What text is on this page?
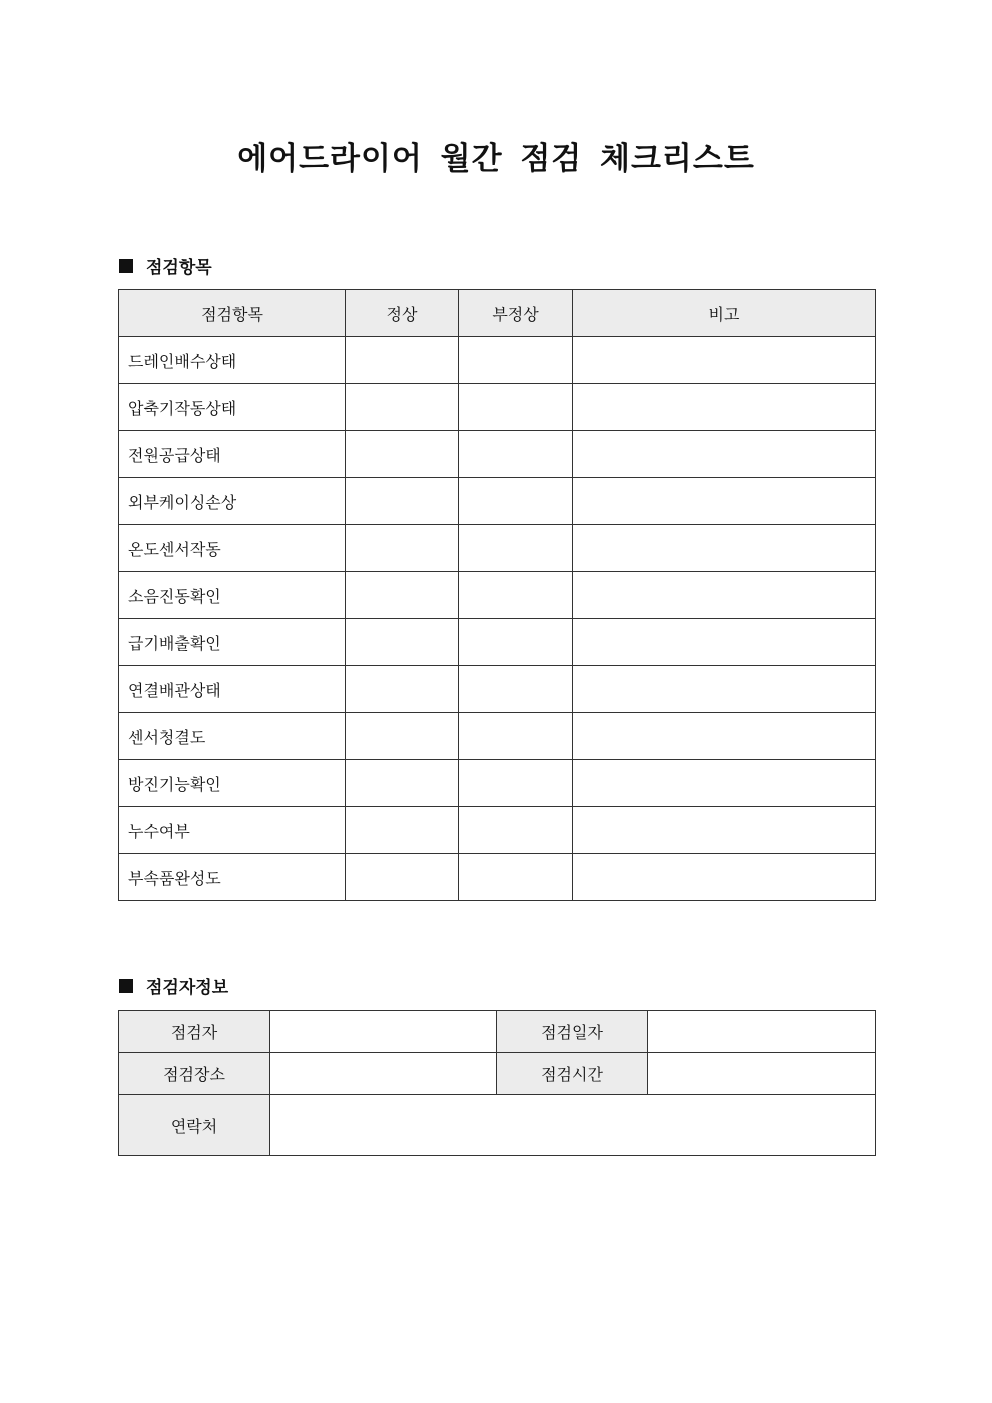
에어드라이어 월간 점검 체크리스트
점검항목
점검항목	정상	부정상	비고
드레인배수상태			
압축기작동상태			
전원공급상태			
외부케이싱손상			
온도센서작동			
소음진동확인			
급기배출확인			
연결배관상태			
센서청결도			
방진기능확인			
누수여부			
부속품완성도			
점검자정보
점검자		점검일자	
점검장소		점검시간	
연락처			
